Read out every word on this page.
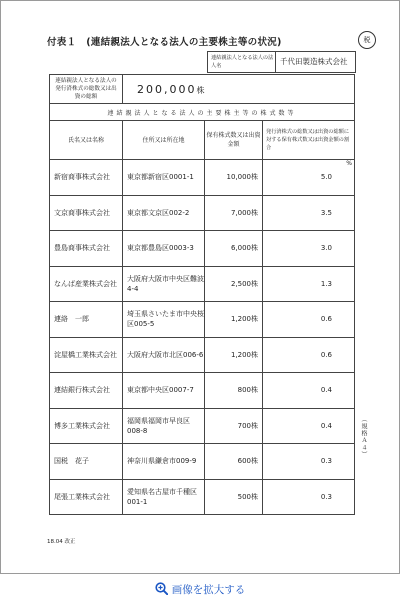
付表１　(連結親法人となる法人の主要株主等の状況)	税
連結親法人となる法人の法人名	千代田製造株式会社
連結親法人となる法人の発行済株式の総数又は出資の総額	200,000株		
連結親法人となる法人の主要株主等の株式数等			
氏名又は名称	住所又は所在地	保有株式数又は出資金額	発行済株式の総数又は出資の総額に対する保有株式数又は出資金額の割合
%

新宿商事株式会社	東京都新宿区0001-1	10,000株	5.0
文京商事株式会社	東京都文京区002-2	7,000株	3.5
豊島商事株式会社	東京都豊島区0003-3	6,000株	3.0
なんば産業株式会社	大阪府大阪市中央区難波4-4	2,500株	1.3
連絡　一郎	埼玉県さいたま市中央桜区005-5	1,200株	0.6
淀屋橋工業株式会社	大阪府大阪市北区006-6	1,200株	0.6
連結銀行株式会社	東京都中央区0007-7	800株	0.4
博多工業株式会社	福岡県福岡市早良区008-8	700株	0.4
国税　花子	神奈川県鎌倉市009-9	600株	0.3
尾張工業株式会社	愛知県名古屋市千種区001-1	500株	0.3
（規格Ａ４）
18.04 改正
画像を拡大する
